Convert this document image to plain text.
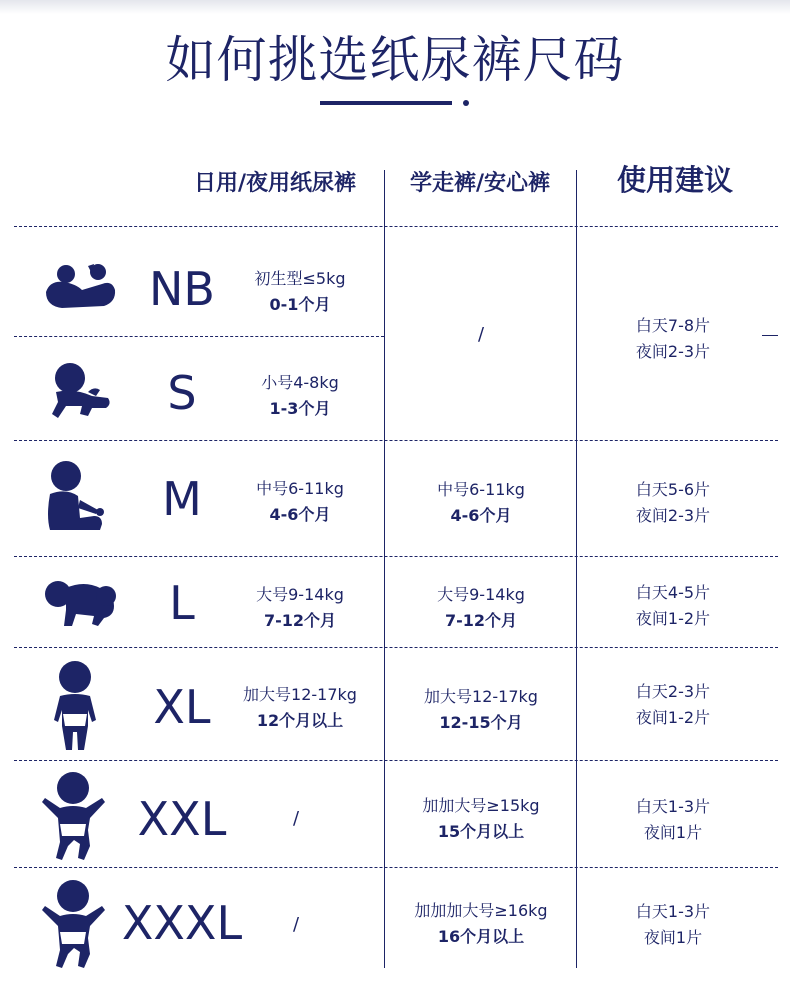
如何挑选纸尿裤尺码
日用/夜用纸尿裤	学走裤/安心裤	使用建议
NB
S
M
L
XL
XXL
XXXL
初生型≤5kg
0-1个月
小号4-8kg
1-3个月
中号6-11kg
4-6个月
大号9-14kg
7-12个月
加大号12-17kg
12个月以上
/
/
/
中号6-11kg
4-6个月
大号9-14kg
7-12个月
加大号12-17kg
12-15个月
加加大号≥15kg
15个月以上
加加加大号≥16kg
16个月以上
白天7-8片
夜间2-3片
白天5-6片
夜间2-3片
白天4-5片
夜间1-2片
白天2-3片
夜间1-2片
白天1-3片
夜间1片
白天1-3片
夜间1片
